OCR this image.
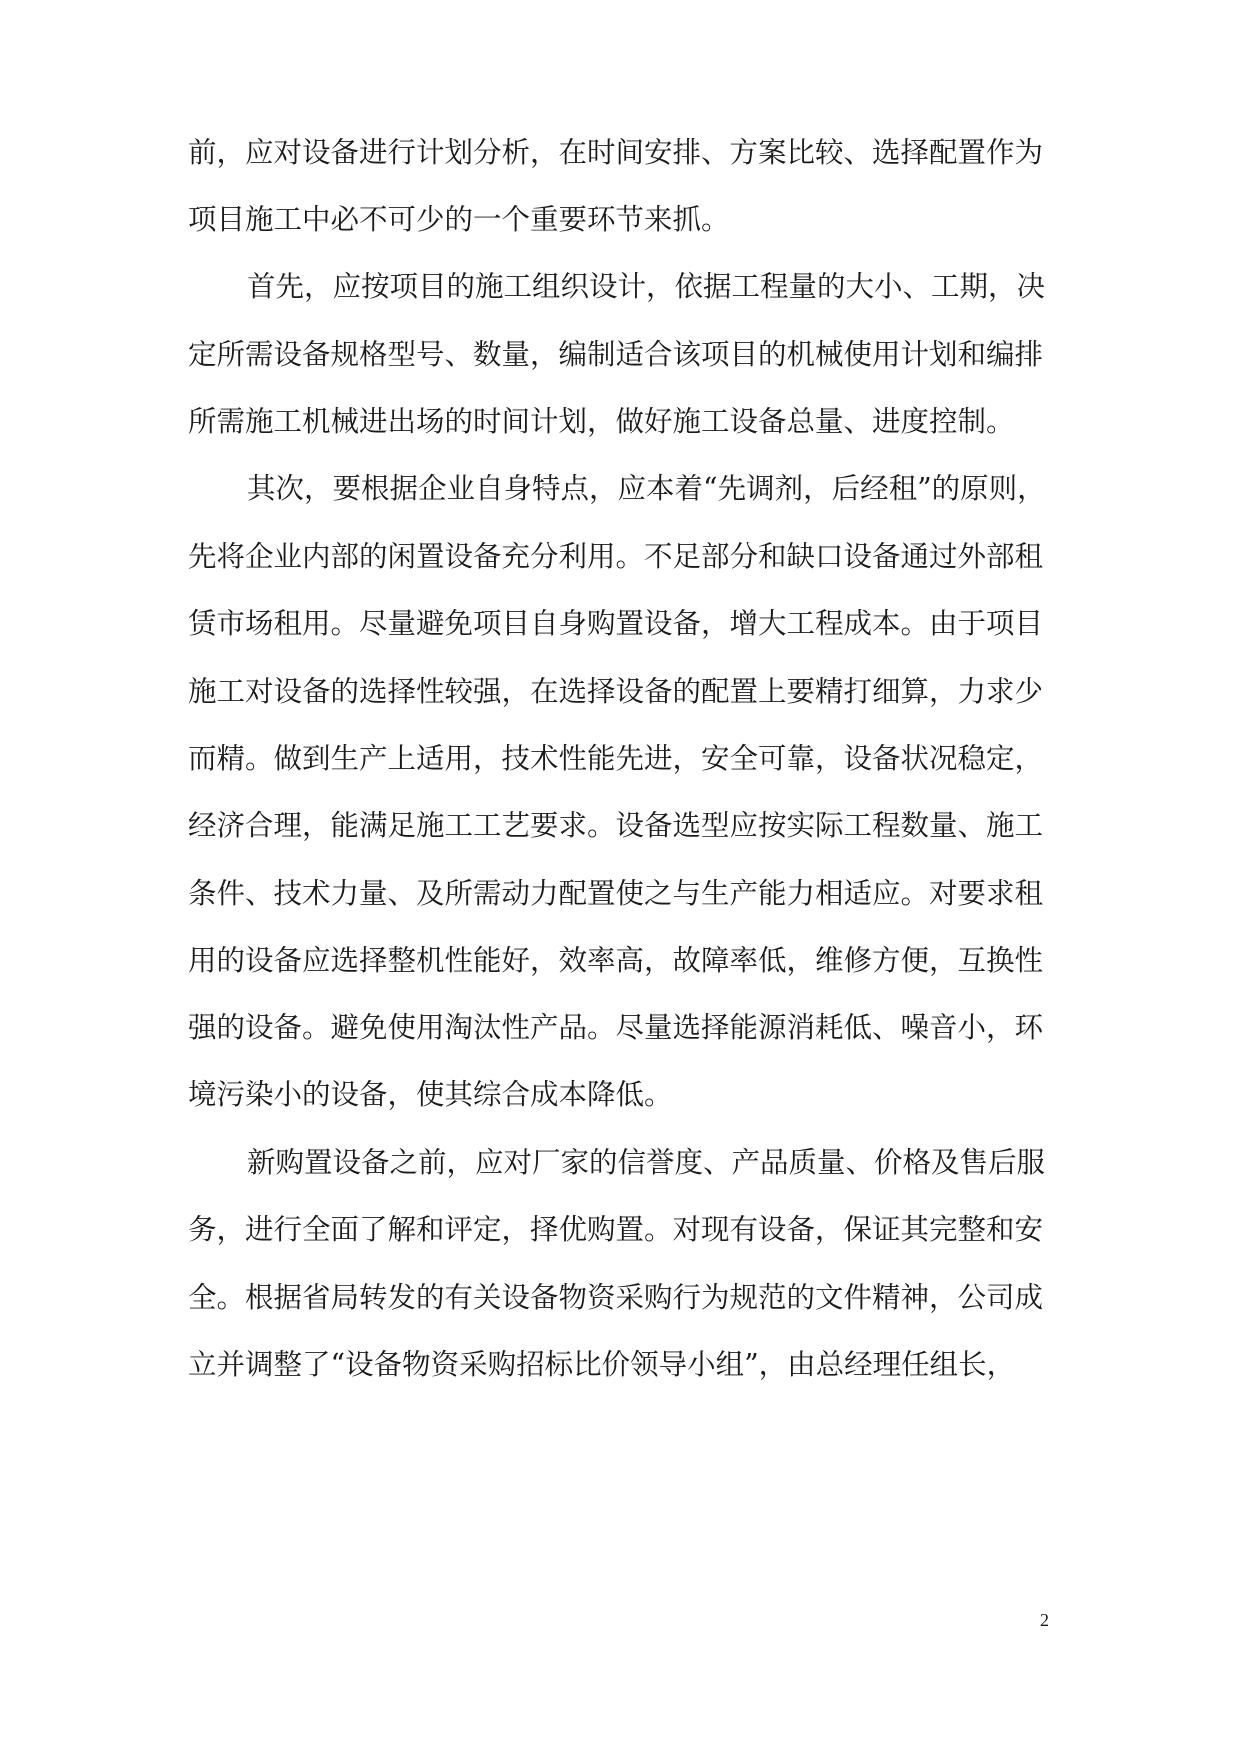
前，应对设备进行计划分析，在时间安排、方案比较、选择配置作为
项目施工中必不可少的一个重要环节来抓。
首先，应按项目的施工组织设计，依据工程量的大小、工期，决
定所需设备规格型号、数量，编制适合该项目的机械使用计划和编排
所需施工机械进出场的时间计划，做好施工设备总量、进度控制。
其次，要根据企业自身特点，应本着“先调剂，后经租”的原则，
先将企业内部的闲置设备充分利用。不足部分和缺口设备通过外部租
赁市场租用。尽量避免项目自身购置设备，增大工程成本。由于项目
施工对设备的选择性较强，在选择设备的配置上要精打细算，力求少
而精。做到生产上适用，技术性能先进，安全可靠，设备状况稳定，
经济合理，能满足施工工艺要求。设备选型应按实际工程数量、施工
条件、技术力量、及所需动力配置使之与生产能力相适应。对要求租
用的设备应选择整机性能好，效率高，故障率低，维修方便，互换性
强的设备。避免使用淘汰性产品。尽量选择能源消耗低、噪音小，环
境污染小的设备，使其综合成本降低。
新购置设备之前，应对厂家的信誉度、产品质量、价格及售后服
务，进行全面了解和评定，择优购置。对现有设备，保证其完整和安
全。根据省局转发的有关设备物资采购行为规范的文件精神，公司成
立并调整了“设备物资采购招标比价领导小组”，由总经理任组长，
2
